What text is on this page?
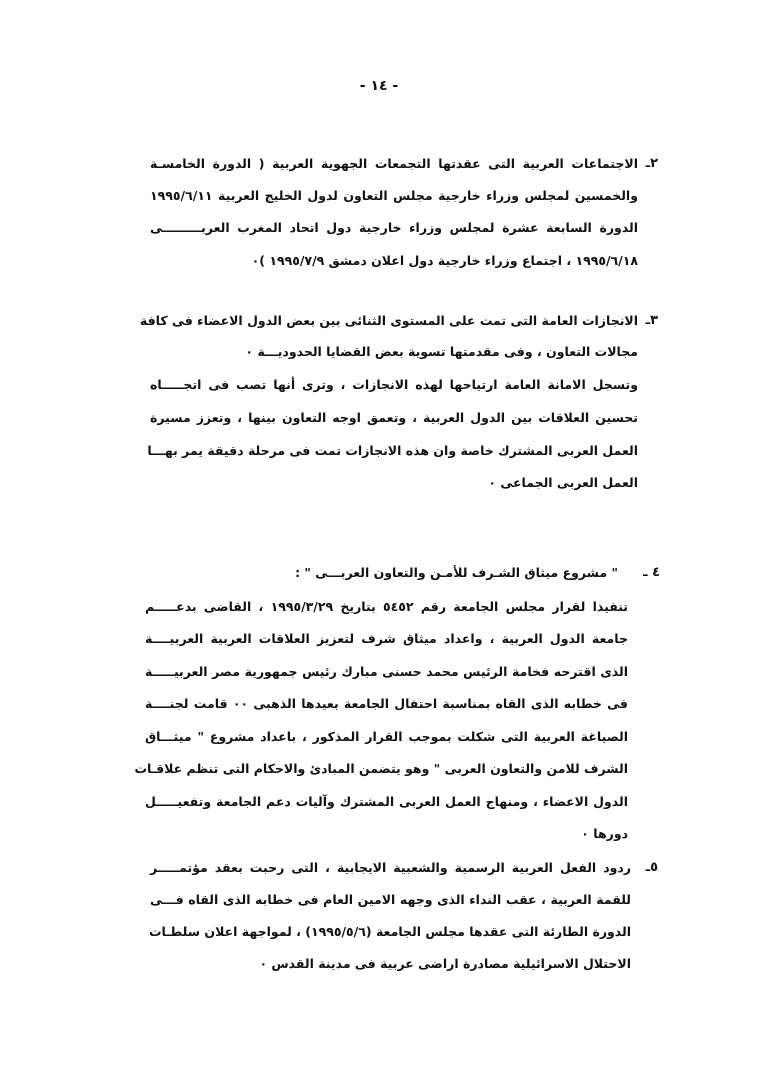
- ١٤ -
٢ـ
الاجتماعات العربية التى عقدتها التجمعات الجهوية العربية ( الدورة الخامسـة
والخمسين لمجلس وزراء خارجية مجلس التعاون لدول الخليج العربية ١٩٩٥/٦/١١
الدورة السابعة عشرة لمجلس وزراء خارجية دول اتحاد المغرب العربـــــــــى
١٩٩٥/٦/١٨ ، اجتماع وزراء خارجية دول اعلان دمشق ١٩٩٥/٧/٩ )٠
٣ـ
الانجازات العامة التى تمت على المستوى الثنائى بين بعض الدول الاعضاء فى كافة
مجالات التعاون ، وفى مقدمتها تسوية بعض القضايا الحدوديـــة ٠
وتسجل الامانة العامة ارتياحها لهذه الانجازات ، وترى أنها تصب فى اتجـــــاه
تحسين العلاقات بين الدول العربية ، وتعمق اوجه التعاون بينها ، وتعزز مسيرة
العمل العربى المشترك خاصة وان هذه الانجازات تمت فى مرحلة دقيقة يمر بهـــا
العمل العربى الجماعى ٠
٤ ـ
" مشروع ميثاق الشـرف للأمـن والتعاون العربـــى " :
تنفيذا لقرار مجلس الجامعة رقم ٥٤٥٢ بتاريخ ١٩٩٥/٣/٢٩ ، القاضى بدعـــــم
جامعة الدول العربية ، واعداد ميثاق شرف لتعزيز العلاقات العربية العربيــــة
الذى اقترحه فخامة الرئيس محمد حسنى مبارك رئيس جمهورية مصر العربيـــــة
فى خطابه الذى القاه بمناسبة احتفال الجامعة بعيدها الذهبى ٠٠ قامت لجنــــة
الصياغة العربية التى شكلت بموجب القرار المذكور ، باعداد مشروع " ميثـــاق
الشرف للامن والتعاون العربى " وهو يتضمن المبادئ والاحكام التى تنظم علاقـات
الدول الاعضاء ، ومنهاج العمل العربى المشترك وآليات دعم الجامعة وتفعيـــــل
دورها ٠
٥ـ
ردود الفعل العربية الرسمية والشعبية الايجابية ، التى رحبت بعقد مؤتمـــــر
للقمة العربية ، عقب النداء الذى وجهه الامين العام فى خطابه الذى القاه فـــى
الدورة الطارئة التى عقدها مجلس الجامعة (١٩٩٥/٥/٦) ، لمواجهة اعلان سلطـات
الاحتلال الاسرائيلية مصادرة اراضى عربية فى مدينة القدس ٠
